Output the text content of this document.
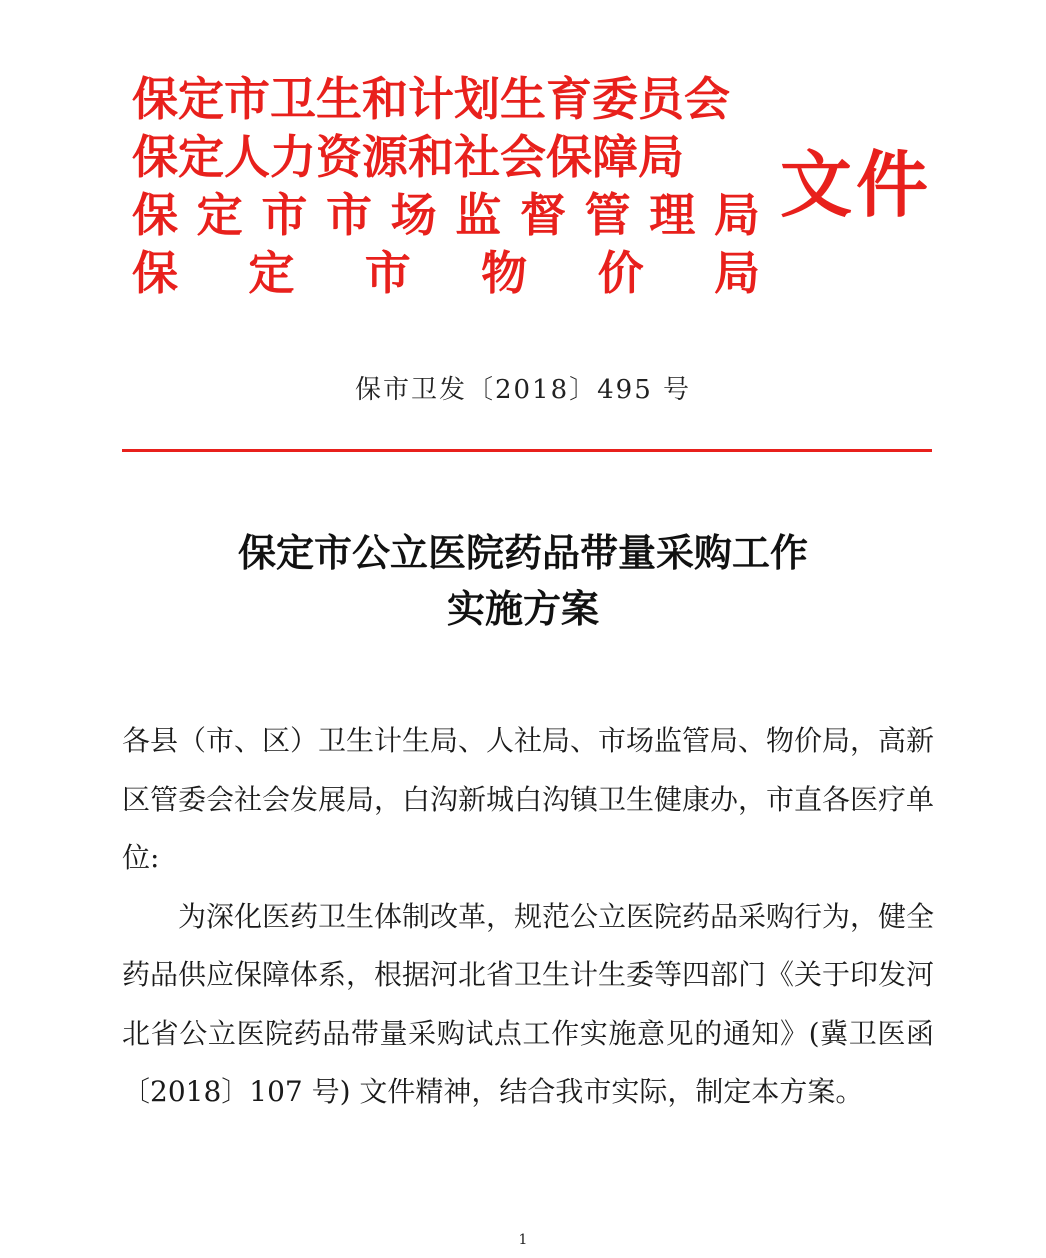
保定市卫生和计划生育委员会
保定人力资源和社会保障局
保 定 市 市 场 监 督 管 理 局
保 定 市 物 价 局
文件
保市卫发〔2018〕495 号
保定市公立医院药品带量采购工作
实施方案

各县（市、区）卫生计生局、人社局、市场监管局、物价局，高新区管委会社会发展局，白沟新城白沟镇卫生健康办，市直各医疗单位:

为深化医药卫生体制改革，规范公立医院药品采购行为，健全药品供应保障体系，根据河北省卫生计生委等四部门《关于印发河北省公立医院药品带量采购试点工作实施意见的通知》(冀卫医函〔2018〕107 号) 文件精神，结合我市实际，制定本方案。

1
